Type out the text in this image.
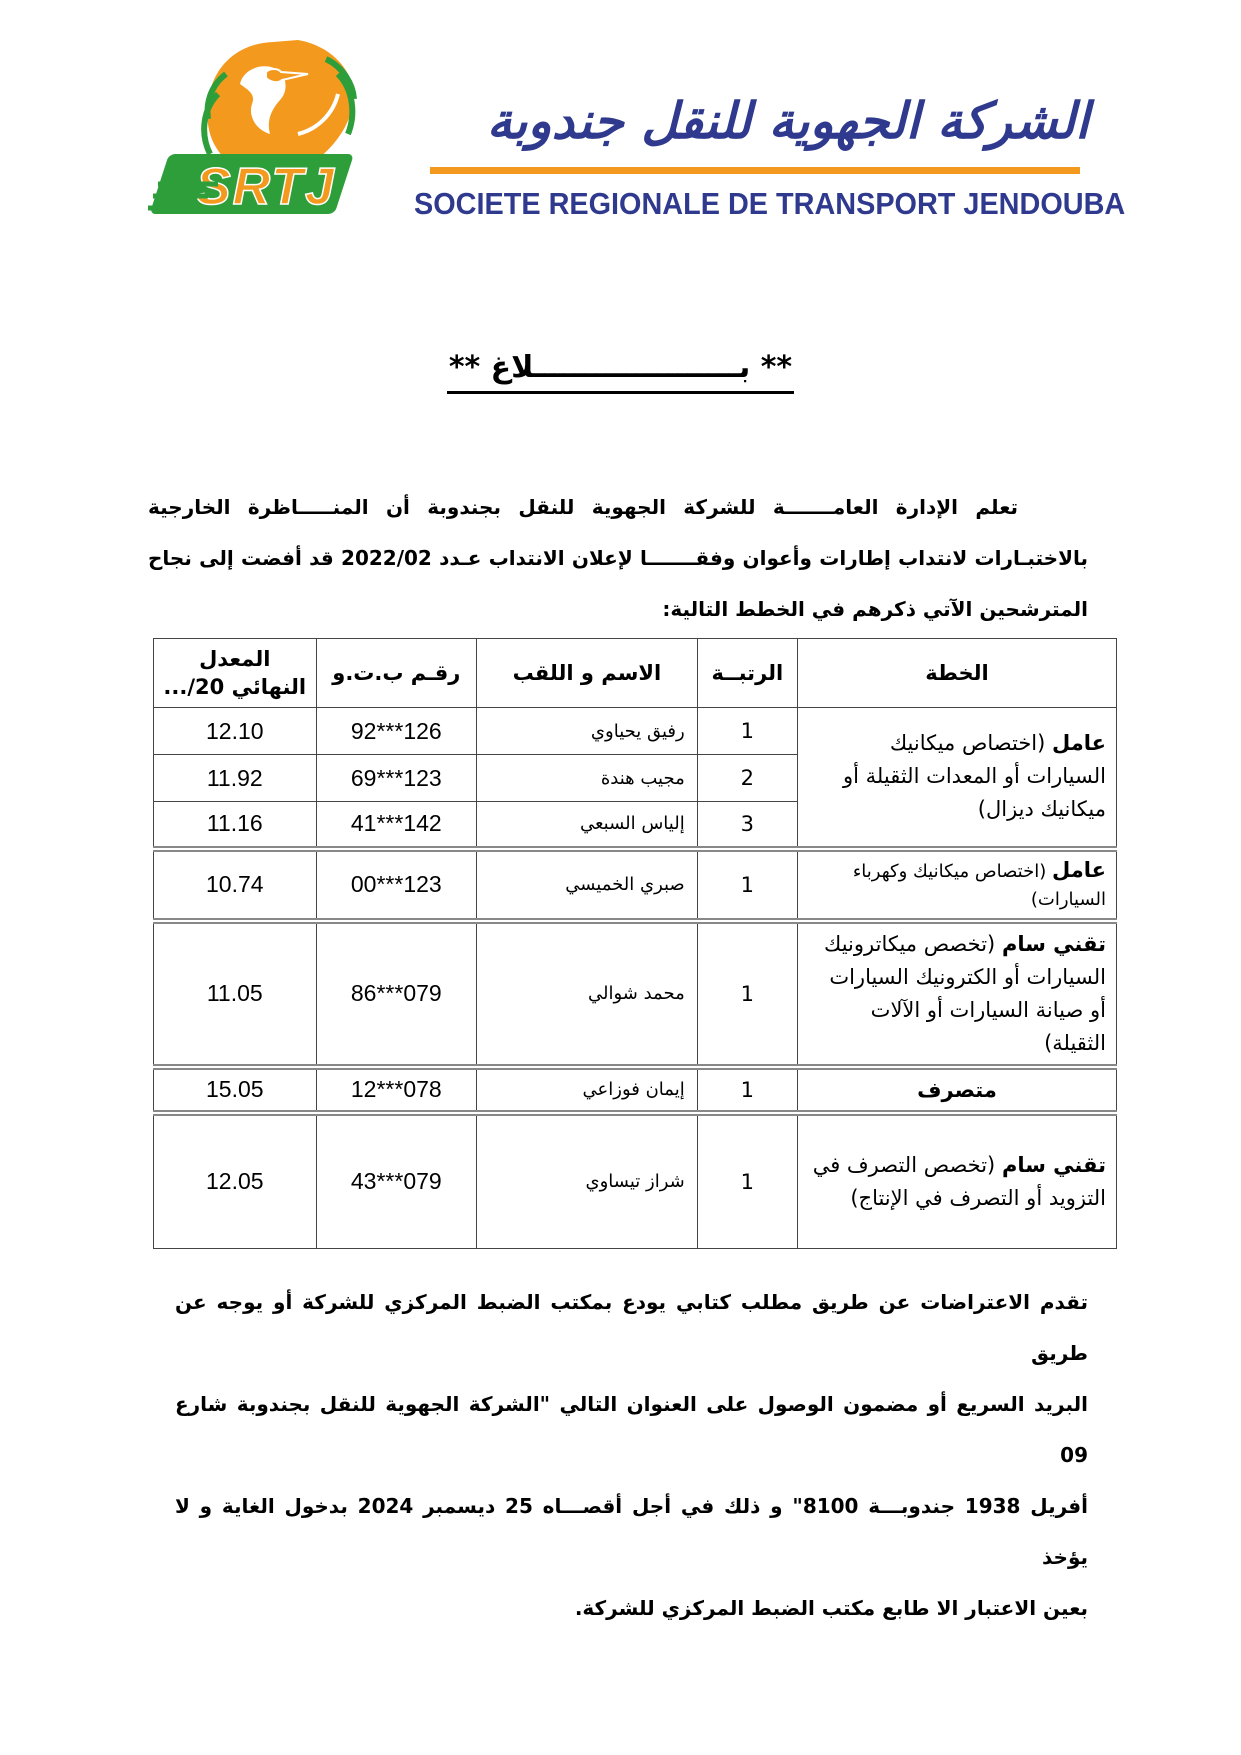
SRTJ
الشركة الجهوية للنقل جندوبة
SOCIETE REGIONALE DE TRANSPORT JENDOUBA
** بــــــــــــــــــــلاغ **
تعلم الإدارة العامـــــــة للشركة الجهوية للنقل بجندوبة أن المنـــــاظرة الخارجية
بالاختبـارات لانتداب إطارات وأعوان وفقـــــــا لإعلان الانتداب عـدد 2022/02 قد أفضت إلى نجاح
المترشحين الآتي ذكرهم في الخطط التالية:
الخطة	الرتبــة	الاسم و اللقب	رقـم ب.ت.و	المعدل النهائي 20/...
عامل (اختصاص ميكانيك السيارات أو المعدات الثقيلة أو ميكانيك ديزال)	1	رفيق يحياوي	126***92	12.10
	2	مجيب هندة	123***69	11.92
	3	إلياس السبعي	142***41	11.16
عامل (اختصاص ميكانيك وكهرباء السيارات)	1	صبري الخميسي	123***00	10.74
تقني سام (تخصص ميكاترونيك السيارات أو الكترونيك السيارات أو صيانة السيارات أو الآلات الثقيلة)	1	محمد شوالي	079***86	11.05
متصرف	1	إيمان فوزاعي	078***12	15.05
تقني سام (تخصص التصرف في التزويد أو التصرف في الإنتاج)	1	شراز تيساوي	079***43	12.05
تقدم الاعتراضات عن طريق مطلب كتابي يودع بمكتب الضبط المركزي للشركة أو يوجه عن طريق
البريد السريع أو مضمون الوصول على العنوان التالي "الشركة الجهوية للنقل بجندوبة شارع 09
أفريل 1938 جندوبـــة 8100" و ذلك في أجل أقصـــاه 25 ديسمبر 2024 بدخول الغاية و لا يؤخذ
بعين الاعتبار الا طابع مكتب الضبط المركزي للشركة.
